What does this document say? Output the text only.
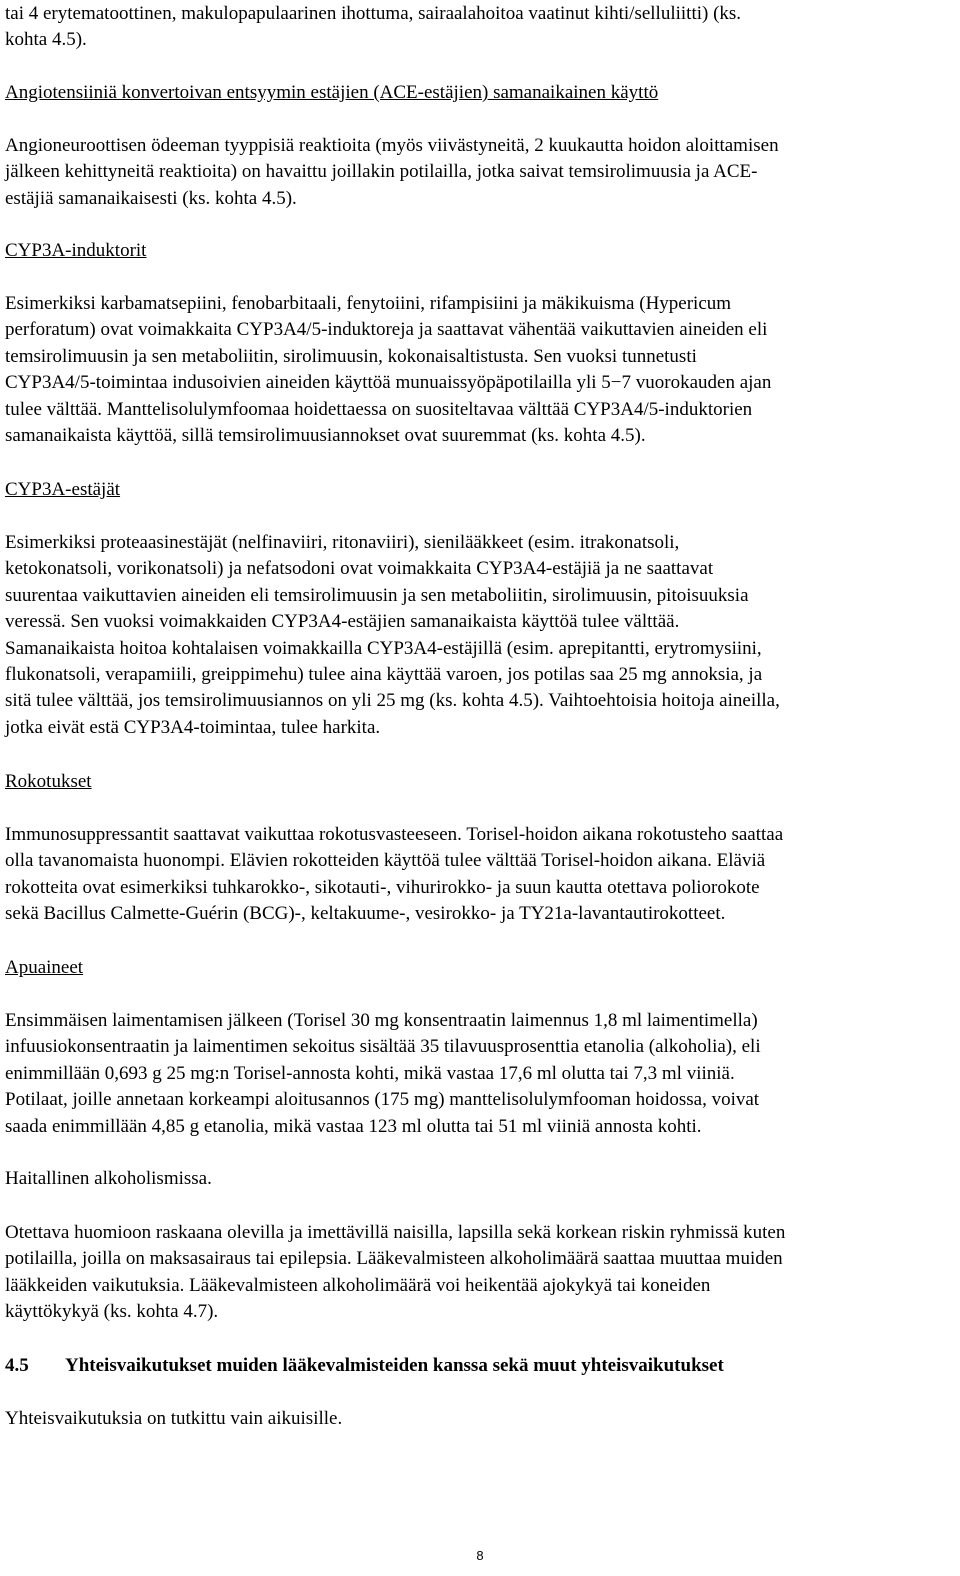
tai 4 erytematoottinen, makulopapulaarinen ihottuma, sairaalahoitoa vaatinut kihti/selluliitti) (ks.
kohta 4.5).
Angiotensiiniä konvertoivan entsyymin estäjien (ACE-estäjien) samanaikainen käyttö
Angioneuroottisen ödeeman tyyppisiä reaktioita (myös viivästyneitä, 2 kuukautta hoidon aloittamisen
jälkeen kehittyneitä reaktioita) on havaittu joillakin potilailla, jotka saivat temsirolimuusia ja ACE-
estäjiä samanaikaisesti (ks. kohta 4.5).
CYP3A-induktorit
Esimerkiksi karbamatsepiini, fenobarbitaali, fenytoiini, rifampisiini ja mäkikuisma (Hypericum
perforatum) ovat voimakkaita CYP3A4/5-induktoreja ja saattavat vähentää vaikuttavien aineiden eli
temsirolimuusin ja sen metaboliitin, sirolimuusin, kokonaisaltistusta. Sen vuoksi tunnetusti
CYP3A4/5-toimintaa indusoivien aineiden käyttöä munuaissyöpäpotilailla yli 5−7 vuorokauden ajan
tulee välttää. Manttelisolulymfoomaa hoidettaessa on suositeltavaa välttää CYP3A4/5-induktorien
samanaikaista käyttöä, sillä temsirolimuusiannokset ovat suuremmat (ks. kohta 4.5).
CYP3A-estäjät
Esimerkiksi proteaasinestäjät (nelfinaviiri, ritonaviiri), sienilääkkeet (esim. itrakonatsoli,
ketokonatsoli, vorikonatsoli) ja nefatsodoni ovat voimakkaita CYP3A4-estäjiä ja ne saattavat
suurentaa vaikuttavien aineiden eli temsirolimuusin ja sen metaboliitin, sirolimuusin, pitoisuuksia
veressä. Sen vuoksi voimakkaiden CYP3A4-estäjien samanaikaista käyttöä tulee välttää.
Samanaikaista hoitoa kohtalaisen voimakkailla CYP3A4-estäjillä (esim. aprepitantti, erytromysiini,
flukonatsoli, verapamiili, greippimehu) tulee aina käyttää varoen, jos potilas saa 25 mg annoksia, ja
sitä tulee välttää, jos temsirolimuusiannos on yli 25 mg (ks. kohta 4.5). Vaihtoehtoisia hoitoja aineilla,
jotka eivät estä CYP3A4-toimintaa, tulee harkita.
Rokotukset
Immunosuppressantit saattavat vaikuttaa rokotusvasteeseen. Torisel-hoidon aikana rokotusteho saattaa
olla tavanomaista huonompi. Elävien rokotteiden käyttöä tulee välttää Torisel-hoidon aikana. Eläviä
rokotteita ovat esimerkiksi tuhkarokko-, sikotauti-, vihurirokko- ja suun kautta otettava poliorokote
sekä Bacillus Calmette-Guérin (BCG)-, keltakuume-, vesirokko- ja TY21a-lavantautirokotteet.
Apuaineet
Ensimmäisen laimentamisen jälkeen (Torisel 30 mg konsentraatin laimennus 1,8 ml laimentimella)
infuusiokonsentraatin ja laimentimen sekoitus sisältää 35 tilavuusprosenttia etanolia (alkoholia), eli
enimmillään 0,693 g 25 mg:n Torisel-annosta kohti, mikä vastaa 17,6 ml olutta tai 7,3 ml viiniä.
Potilaat, joille annetaan korkeampi aloitusannos (175 mg) manttelisolulymfooman hoidossa, voivat
saada enimmillään 4,85 g etanolia, mikä vastaa 123 ml olutta tai 51 ml viiniä annosta kohti.
Haitallinen alkoholismissa.
Otettava huomioon raskaana olevilla ja imettävillä naisilla, lapsilla sekä korkean riskin ryhmissä kuten
potilailla, joilla on maksasairaus tai epilepsia. Lääkevalmisteen alkoholimäärä saattaa muuttaa muiden
lääkkeiden vaikutuksia. Lääkevalmisteen alkoholimäärä voi heikentää ajokykyä tai koneiden
käyttökykyä (ks. kohta 4.7).
4.5 Yhteisvaikutukset muiden lääkevalmisteiden kanssa sekä muut yhteisvaikutukset
Yhteisvaikutuksia on tutkittu vain aikuisille.
8
